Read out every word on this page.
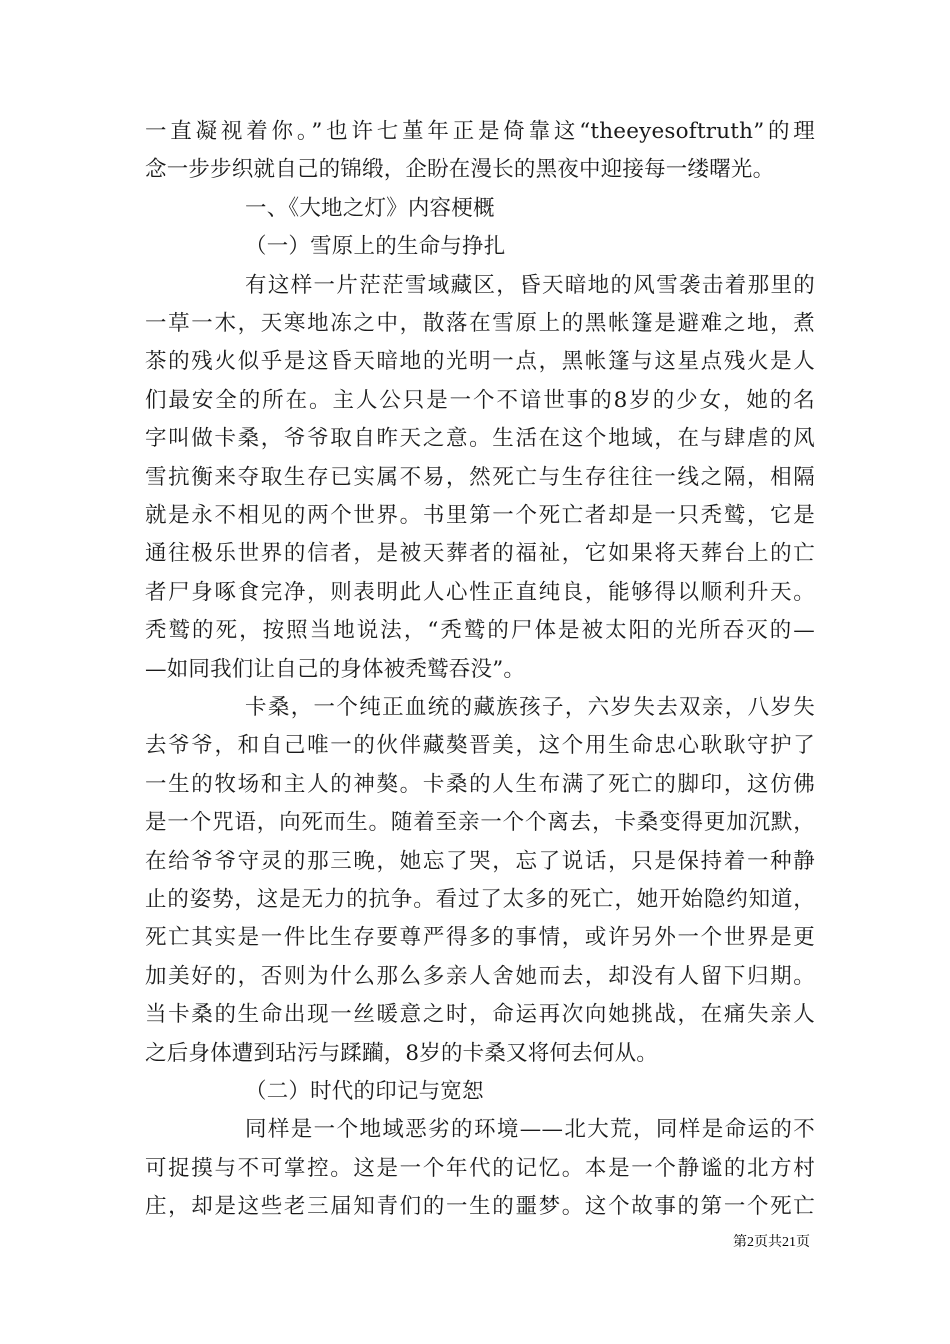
一直凝视着你。”也许七堇年正是倚靠这“theeyesoftruth”的理
念一步步织就自己的锦缎，企盼在漫长的黑夜中迎接每一缕曙光。
一、《大地之灯》内容梗概
（一）雪原上的生命与挣扎
有这样一片茫茫雪域藏区，昏天暗地的风雪袭击着那里的
一草一木，天寒地冻之中，散落在雪原上的黑帐篷是避难之地，煮
茶的残火似乎是这昏天暗地的光明一点，黑帐篷与这星点残火是人
们最安全的所在。主人公只是一个不谙世事的8岁的少女，她的名
字叫做卡桑，爷爷取自昨天之意。生活在这个地域，在与肆虐的风
雪抗衡来夺取生存已实属不易，然死亡与生存往往一线之隔，相隔
就是永不相见的两个世界。书里第一个死亡者却是一只秃鹫，它是
通往极乐世界的信者，是被天葬者的福祉，它如果将天葬台上的亡
者尸身啄食完净，则表明此人心性正直纯良，能够得以顺利升天。
秃鹫的死，按照当地说法，“秃鹫的尸体是被太阳的光所吞灭的—
—如同我们让自己的身体被秃鹫吞没”。
卡桑，一个纯正血统的藏族孩子，六岁失去双亲，八岁失
去爷爷，和自己唯一的伙伴藏獒晋美，这个用生命忠心耿耿守护了
一生的牧场和主人的神獒。卡桑的人生布满了死亡的脚印，这仿佛
是一个咒语，向死而生。随着至亲一个个离去，卡桑变得更加沉默，
在给爷爷守灵的那三晚，她忘了哭，忘了说话，只是保持着一种静
止的姿势，这是无力的抗争。看过了太多的死亡，她开始隐约知道，
死亡其实是一件比生存要尊严得多的事情，或许另外一个世界是更
加美好的，否则为什么那么多亲人舍她而去，却没有人留下归期。
当卡桑的生命出现一丝暖意之时，命运再次向她挑战，在痛失亲人
之后身体遭到玷污与蹂躏，8岁的卡桑又将何去何从。
（二）时代的印记与宽恕
同样是一个地域恶劣的环境——北大荒，同样是命运的不
可捉摸与不可掌控。这是一个年代的记忆。本是一个静谧的北方村
庄，却是这些老三届知青们的一生的噩梦。这个故事的第一个死亡
第2页共21页
